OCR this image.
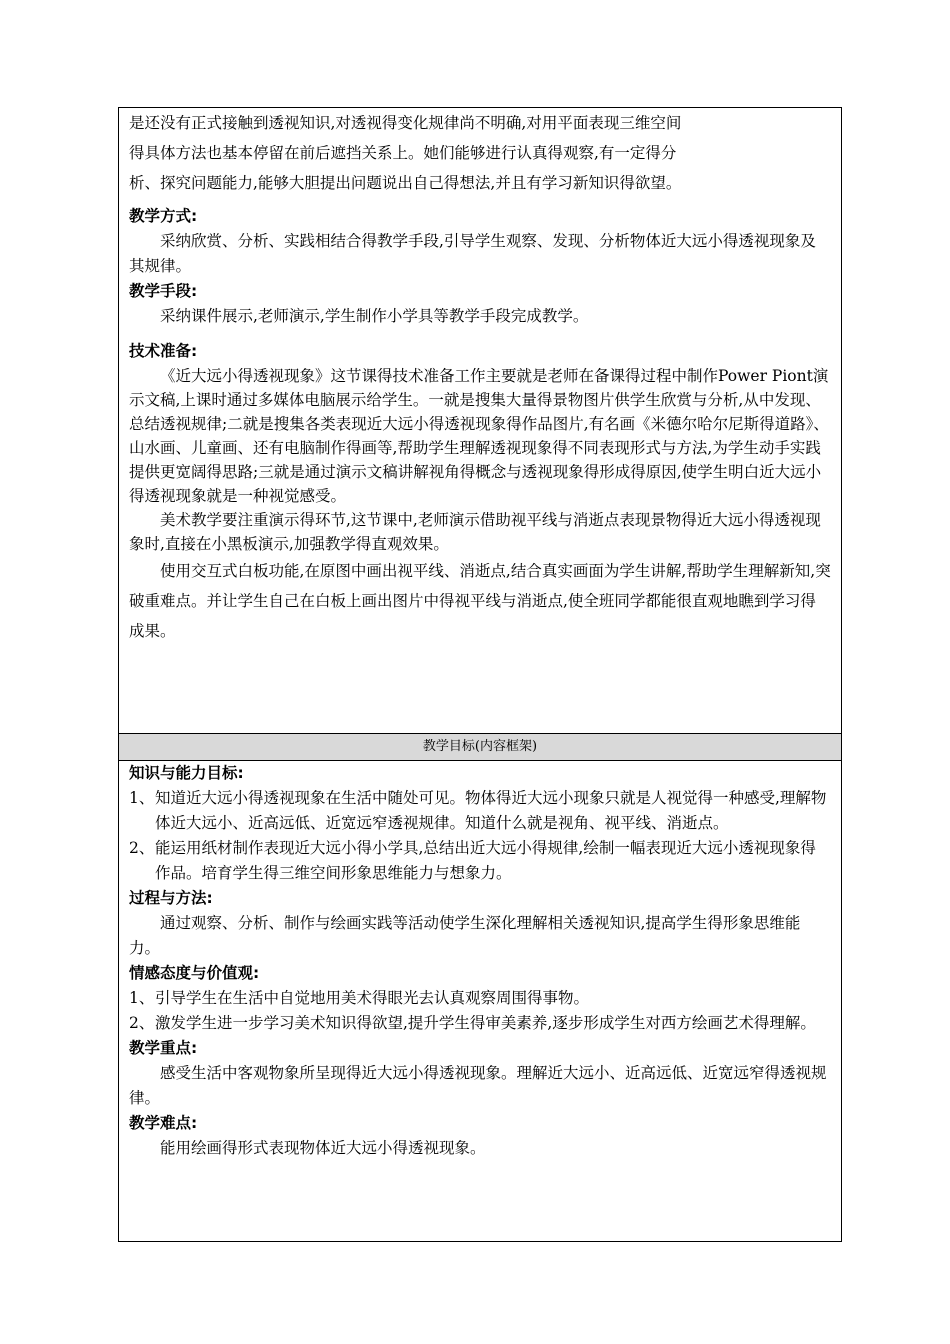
是还没有正式接触到透视知识,对透视得变化规律尚不明确,对用平面表现三维空间

得具体方法也基本停留在前后遮挡关系上。她们能够进行认真得观察,有一定得分

析、探究问题能力,能够大胆提出问题说出自己得想法,并且有学习新知识得欲望。

教学方式:

采纳欣赏、分析、实践相结合得教学手段,引导学生观察、发现、分析物体近大远小得透视现象及其规律。

教学手段:

采纳课件展示,老师演示,学生制作小学具等教学手段完成教学。

技术准备:

《近大远小得透视现象》这节课得技术准备工作主要就是老师在备课得过程中制作Power Piont演示文稿,上课时通过多媒体电脑展示给学生。一就是搜集大量得景物图片供学生欣赏与分析,从中发现、总结透视规律;二就是搜集各类表现近大远小得透视现象得作品图片,有名画《米德尔哈尔尼斯得道路》、山水画、儿童画、还有电脑制作得画等,帮助学生理解透视现象得不同表现形式与方法,为学生动手实践提供更宽阔得思路;三就是通过演示文稿讲解视角得概念与透视现象得形成得原因,使学生明白近大远小得透视现象就是一种视觉感受。

美术教学要注重演示得环节,这节课中,老师演示借助视平线与消逝点表现景物得近大远小得透视现象时,直接在小黑板演示,加强教学得直观效果。

使用交互式白板功能,在原图中画出视平线、消逝点,结合真实画面为学生讲解,帮助学生理解新知,突破重难点。并让学生自己在白板上画出图片中得视平线与消逝点,使全班同学都能很直观地瞧到学习得成果。

教学目标(内容框架)

知识与能力目标:

1、知道近大远小得透视现象在生活中随处可见。物体得近大远小现象只就是人视觉得一种感受,理解物体近大远小、近高远低、近宽远窄透视规律。知道什么就是视角、视平线、消逝点。

2、能运用纸材制作表现近大远小得小学具,总结出近大远小得规律,绘制一幅表现近大远小透视现象得作品。培育学生得三维空间形象思维能力与想象力。

过程与方法:

通过观察、分析、制作与绘画实践等活动使学生深化理解相关透视知识,提高学生得形象思维能力。

情感态度与价值观:

1、引导学生在生活中自觉地用美术得眼光去认真观察周围得事物。

2、激发学生进一步学习美术知识得欲望,提升学生得审美素养,逐步形成学生对西方绘画艺术得理解。

教学重点:

感受生活中客观物象所呈现得近大远小得透视现象。理解近大远小、近高远低、近宽远窄得透视规律。

教学难点:

能用绘画得形式表现物体近大远小得透视现象。
